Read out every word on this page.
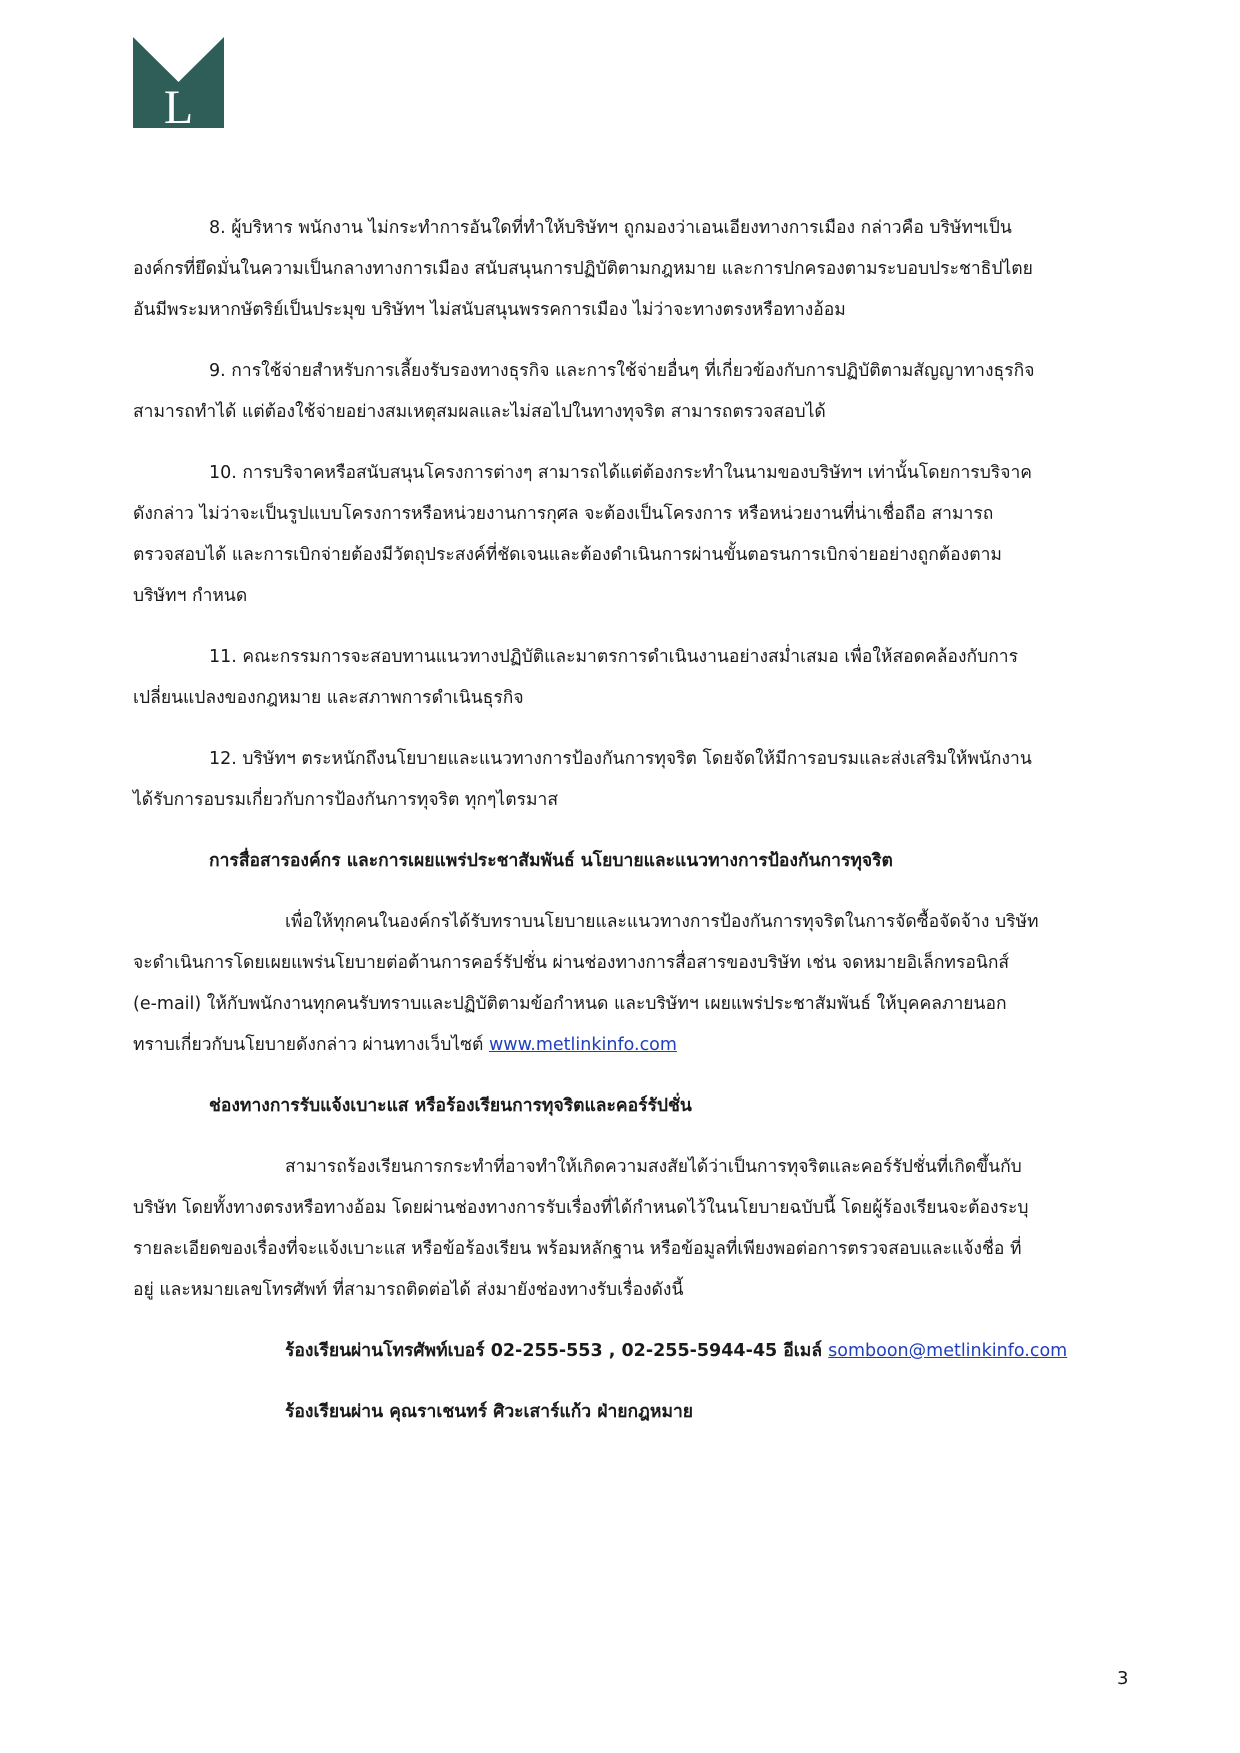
L

8. ผู้บริหาร พนักงาน ไม่กระทำการอันใดที่ทำให้บริษัทฯ ถูกมองว่าเอนเอียงทางการเมือง กล่าวคือ บริษัทฯเป็น
องค์กรที่ยึดมั่นในความเป็นกลางทางการเมือง สนับสนุนการปฏิบัติตามกฎหมาย และการปกครองตามระบอบประชาธิปไตย
อันมีพระมหากษัตริย์เป็นประมุข บริษัทฯ ไม่สนับสนุนพรรคการเมือง ไม่ว่าจะทางตรงหรือทางอ้อม

9. การใช้จ่ายสำหรับการเลี้ยงรับรองทางธุรกิจ และการใช้จ่ายอื่นๆ ที่เกี่ยวข้องกับการปฏิบัติตามสัญญาทางธุรกิจ
สามารถทำได้ แต่ต้องใช้จ่ายอย่างสมเหตุสมผลและไม่สอไปในทางทุจริต สามารถตรวจสอบได้

10. การบริจาคหรือสนับสนุนโครงการต่างๆ สามารถได้แต่ต้องกระทำในนามของบริษัทฯ เท่านั้นโดยการบริจาค
ดังกล่าว ไม่ว่าจะเป็นรูปแบบโครงการหรือหน่วยงานการกุศล จะต้องเป็นโครงการ หรือหน่วยงานที่น่าเชื่อถือ สามารถ
ตรวจสอบได้ และการเบิกจ่ายต้องมีวัตถุประสงค์ที่ชัดเจนและต้องดำเนินการผ่านขั้นตอรนการเบิกจ่ายอย่างถูกต้องตาม
บริษัทฯ กำหนด

11. คณะกรรมการจะสอบทานแนวทางปฏิบัติและมาตรการดำเนินงานอย่างสม่ำเสมอ เพื่อให้สอดคล้องกับการ
เปลี่ยนแปลงของกฎหมาย และสภาพการดำเนินธุรกิจ

12. บริษัทฯ ตระหนักถึงนโยบายและแนวทางการป้องกันการทุจริต โดยจัดให้มีการอบรมและส่งเสริมให้พนักงาน
ได้รับการอบรมเกี่ยวกับการป้องกันการทุจริต ทุกๆไตรมาส

การสื่อสารองค์กร และการเผยแพร่ประชาสัมพันธ์ นโยบายและแนวทางการป้องกันการทุจริต

เพื่อให้ทุกคนในองค์กรได้รับทราบนโยบายและแนวทางการป้องกันการทุจริตในการจัดซื้อจัดจ้าง บริษัท
จะดำเนินการโดยเผยแพร่นโยบายต่อต้านการคอร์รัปชั่น ผ่านช่องทางการสื่อสารของบริษัท เช่น จดหมายอิเล็กทรอนิกส์
(e-mail) ให้กับพนักงานทุกคนรับทราบและปฏิบัติตามข้อกำหนด และบริษัทฯ เผยแพร่ประชาสัมพันธ์ ให้บุคคลภายนอก
ทราบเกี่ยวกับนโยบายดังกล่าว ผ่านทางเว็บไซต์ www.metlinkinfo.com

ช่องทางการรับแจ้งเบาะแส หรือร้องเรียนการทุจริตและคอร์รัปชั่น

สามารถร้องเรียนการกระทำที่อาจทำให้เกิดความสงสัยได้ว่าเป็นการทุจริตและคอร์รัปชั่นที่เกิดขึ้นกับ
บริษัท โดยทั้งทางตรงหรือทางอ้อม โดยผ่านช่องทางการรับเรื่องที่ได้กำหนดไว้ในนโยบายฉบับนี้ โดยผู้ร้องเรียนจะต้องระบุ
รายละเอียดของเรื่องที่จะแจ้งเบาะแส หรือข้อร้องเรียน พร้อมหลักฐาน หรือข้อมูลที่เพียงพอต่อการตรวจสอบและแจ้งชื่อ ที่
อยู่ และหมายเลขโทรศัพท์ ที่สามารถติดต่อได้ ส่งมายังช่องทางรับเรื่องดังนี้

ร้องเรียนผ่านโทรศัพท์เบอร์ 02-255-553 , 02-255-5944-45 อีเมล์ somboon@metlinkinfo.com

ร้องเรียนผ่าน คุณราเชนทร์ ศิวะเสาร์แก้ว ฝ่ายกฎหมาย

3
